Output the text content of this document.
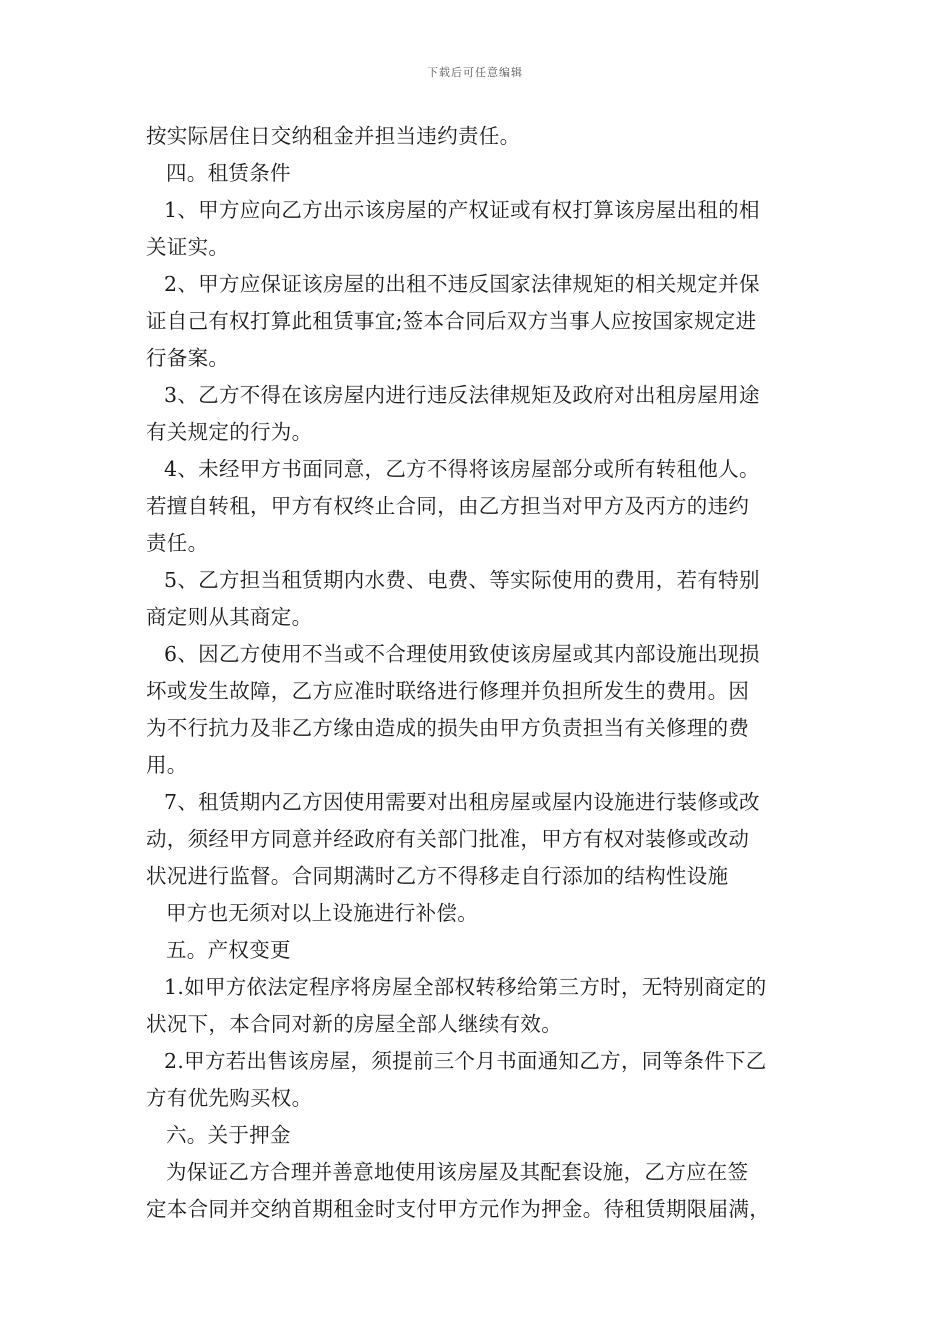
下载后可任意编辑

按实际居住日交纳租金并担当违约责任。

四。租赁条件

1、甲方应向乙方出示该房屋的产权证或有权打算该房屋出租的相

关证实。

2、甲方应保证该房屋的出租不违反国家法律规矩的相关规定并保

证自己有权打算此租赁事宜;签本合同后双方当事人应按国家规定进

行备案。

3、乙方不得在该房屋内进行违反法律规矩及政府对出租房屋用途

有关规定的行为。

4、未经甲方书面同意，乙方不得将该房屋部分或所有转租他人。

若擅自转租，甲方有权终止合同，由乙方担当对甲方及丙方的违约

责任。

5、乙方担当租赁期内水费、电费、等实际使用的费用，若有特别

商定则从其商定。

6、因乙方使用不当或不合理使用致使该房屋或其内部设施出现损

坏或发生故障，乙方应准时联络进行修理并负担所发生的费用。因

为不行抗力及非乙方缘由造成的损失由甲方负责担当有关修理的费

用。

7、租赁期内乙方因使用需要对出租房屋或屋内设施进行装修或改

动，须经甲方同意并经政府有关部门批准，甲方有权对装修或改动

状况进行监督。合同期满时乙方不得移走自行添加的结构性设施

甲方也无须对以上设施进行补偿。

五。产权变更

1.如甲方依法定程序将房屋全部权转移给第三方时，无特别商定的

状况下，本合同对新的房屋全部人继续有效。

2.甲方若出售该房屋，须提前三个月书面通知乙方，同等条件下乙

方有优先购买权。

六。关于押金

为保证乙方合理并善意地使用该房屋及其配套设施，乙方应在签

定本合同并交纳首期租金时支付甲方元作为押金。待租赁期限届满，
